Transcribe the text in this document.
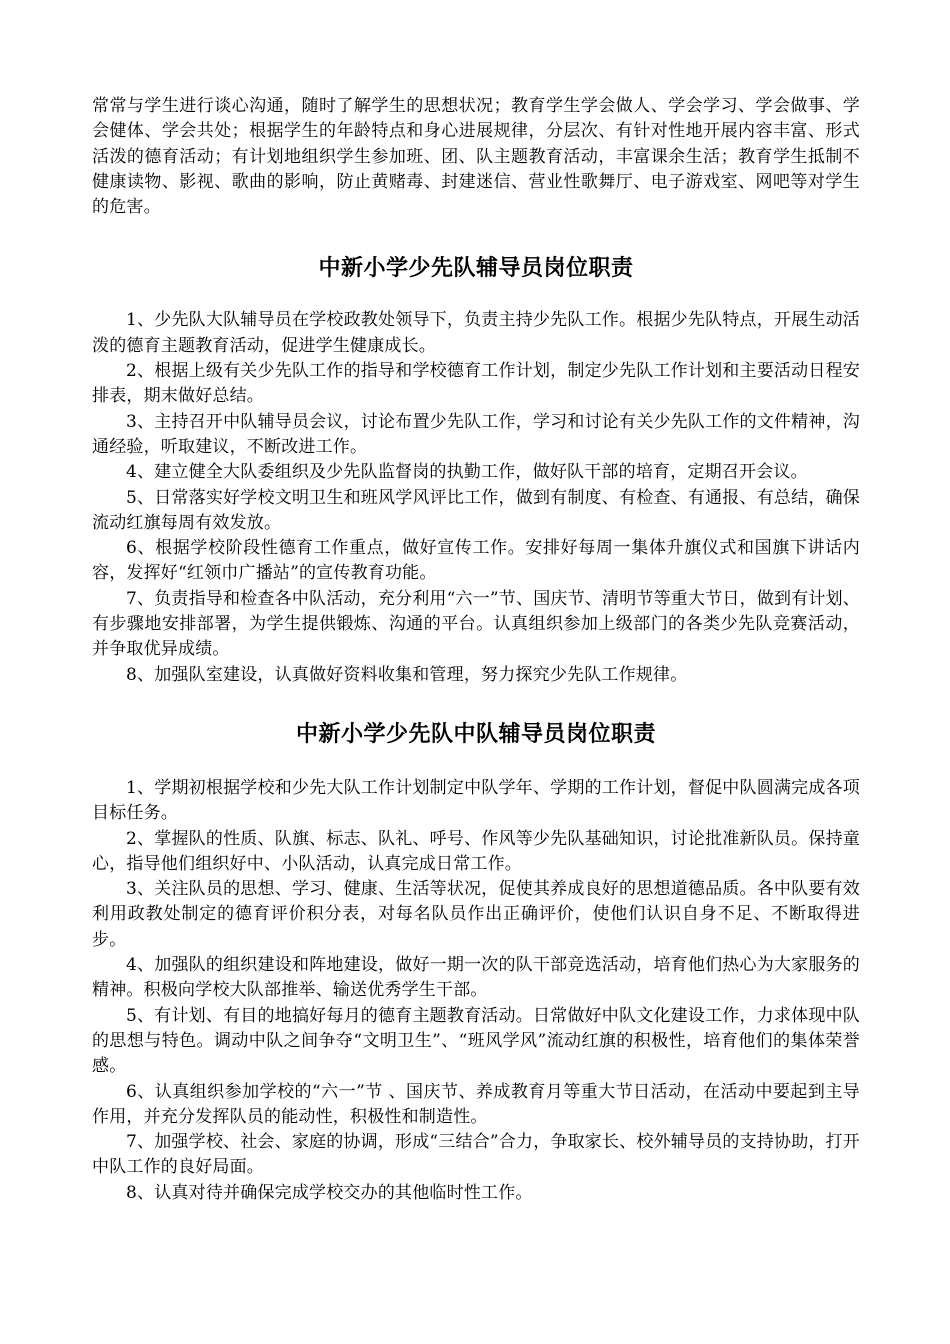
常常与学生进行谈心沟通，随时了解学生的思想状况；教育学生学会做人、学会学习、学会做事、学会健体、学会共处；根据学生的年龄特点和身心进展规律，分层次、有针对性地开展内容丰富、形式活泼的德育活动；有计划地组织学生参加班、团、队主题教育活动，丰富课余生活；教育学生抵制不健康读物、影视、歌曲的影响，防止黄赌毒、封建迷信、营业性歌舞厅、电子游戏室、网吧等对学生的危害。

中新小学少先队辅导员岗位职责

1、少先队大队辅导员在学校政教处领导下，负责主持少先队工作。根据少先队特点，开展生动活泼的德育主题教育活动，促进学生健康成长。

2、根据上级有关少先队工作的指导和学校德育工作计划，制定少先队工作计划和主要活动日程安排表，期末做好总结。

3、主持召开中队辅导员会议，讨论布置少先队工作，学习和讨论有关少先队工作的文件精神，沟通经验，听取建议，不断改进工作。

4、建立健全大队委组织及少先队监督岗的执勤工作，做好队干部的培育，定期召开会议。

5、日常落实好学校文明卫生和班风学风评比工作，做到有制度、有检查、有通报、有总结，确保流动红旗每周有效发放。

6、根据学校阶段性德育工作重点，做好宣传工作。安排好每周一集体升旗仪式和国旗下讲话内容，发挥好“红领巾广播站”的宣传教育功能。

7、负责指导和检查各中队活动，充分利用“六一”节、国庆节、清明节等重大节日，做到有计划、有步骤地安排部署，为学生提供锻炼、沟通的平台。认真组织参加上级部门的各类少先队竞赛活动，并争取优异成绩。

8、加强队室建设，认真做好资料收集和管理，努力探究少先队工作规律。

中新小学少先队中队辅导员岗位职责

1、学期初根据学校和少先大队工作计划制定中队学年、学期的工作计划，督促中队圆满完成各项目标任务。

2、掌握队的性质、队旗、标志、队礼、呼号、作风等少先队基础知识，讨论批准新队员。保持童心，指导他们组织好中、小队活动，认真完成日常工作。

3、关注队员的思想、学习、健康、生活等状况，促使其养成良好的思想道德品质。各中队要有效利用政教处制定的德育评价积分表，对每名队员作出正确评价，使他们认识自身不足、不断取得进步。

4、加强队的组织建设和阵地建设，做好一期一次的队干部竞选活动，培育他们热心为大家服务的精神。积极向学校大队部推举、输送优秀学生干部。

5、有计划、有目的地搞好每月的德育主题教育活动。日常做好中队文化建设工作，力求体现中队的思想与特色。调动中队之间争夺“文明卫生”、“班风学风”流动红旗的积极性，培育他们的集体荣誉感。

6、认真组织参加学校的“六一”节 、国庆节、养成教育月等重大节日活动，在活动中要起到主导作用，并充分发挥队员的能动性，积极性和制造性。

7、加强学校、社会、家庭的协调，形成“三结合”合力，争取家长、校外辅导员的支持协助，打开中队工作的良好局面。

8、认真对待并确保完成学校交办的其他临时性工作。
